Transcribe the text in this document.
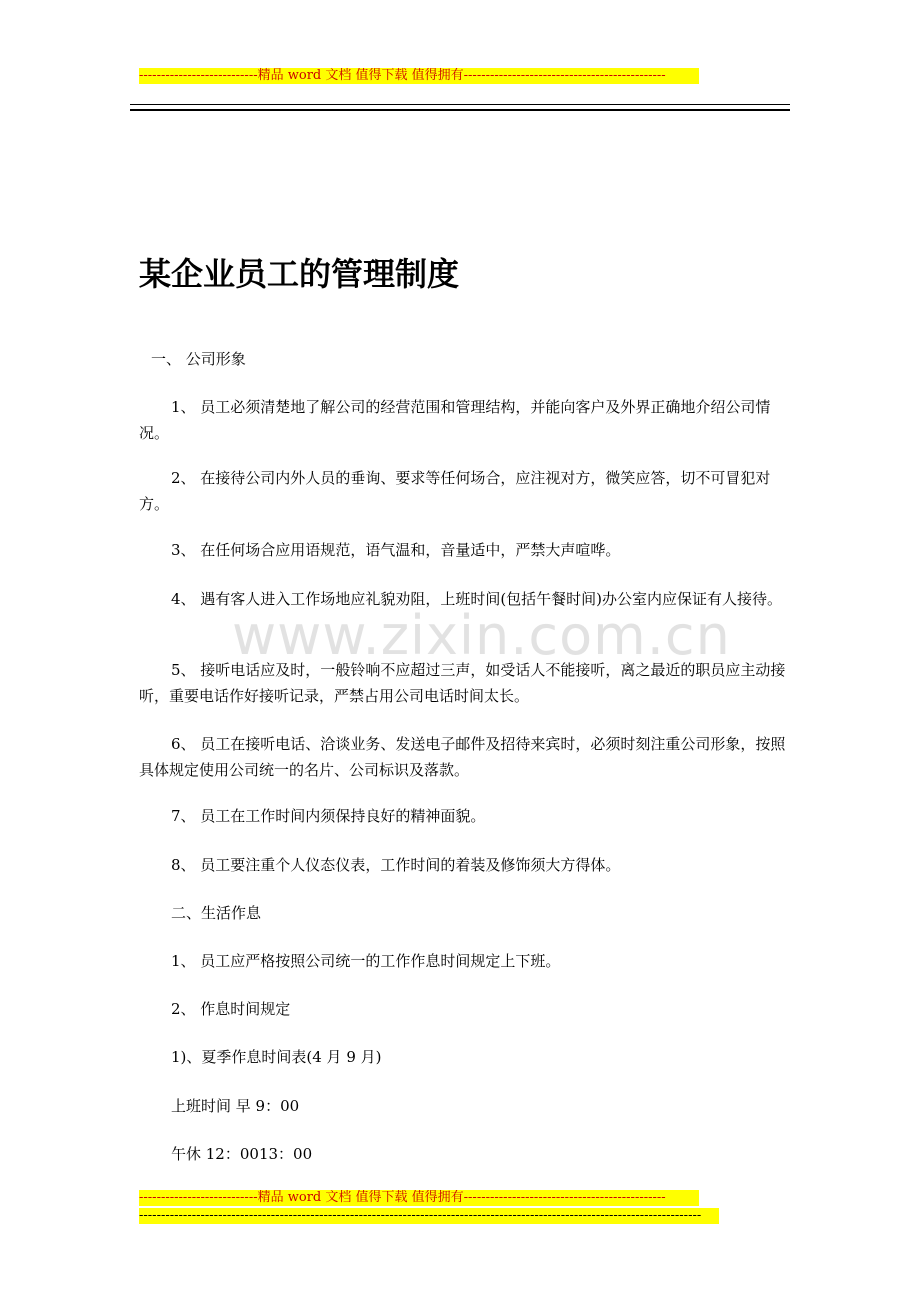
---------------------------精品 word 文档 值得下载 值得拥有----------------------------------------------
某企业员工的管理制度

一、 公司形象

1、 员工必须清楚地了解公司的经营范围和管理结构，并能向客户及外界正确地介绍公司情况。

2、 在接待公司内外人员的垂询、要求等任何场合，应注视对方，微笑应答，切不可冒犯对方。

3、 在任何场合应用语规范，语气温和，音量适中，严禁大声喧哗。

4、 遇有客人进入工作场地应礼貌劝阻，上班时间(包括午餐时间)办公室内应保证有人接待。

5、 接听电话应及时，一般铃响不应超过三声，如受话人不能接听，离之最近的职员应主动接听，重要电话作好接听记录，严禁占用公司电话时间太长。

6、 员工在接听电话、洽谈业务、发送电子邮件及招待来宾时，必须时刻注重公司形象，按照具体规定使用公司统一的名片、公司标识及落款。

7、 员工在工作时间内须保持良好的精神面貌。

8、 员工要注重个人仪态仪表，工作时间的着装及修饰须大方得体。

二、生活作息

1、 员工应严格按照公司统一的工作作息时间规定上下班。

2、 作息时间规定

1)、夏季作息时间表(4 月 9 月)

上班时间 早 9：00

午休 12：0013：00

www.zixin.com.cn
---------------------------精品 word 文档 值得下载 值得拥有----------------------------------------------
--------------------------------------------------------------------------------------------------------------------------------
